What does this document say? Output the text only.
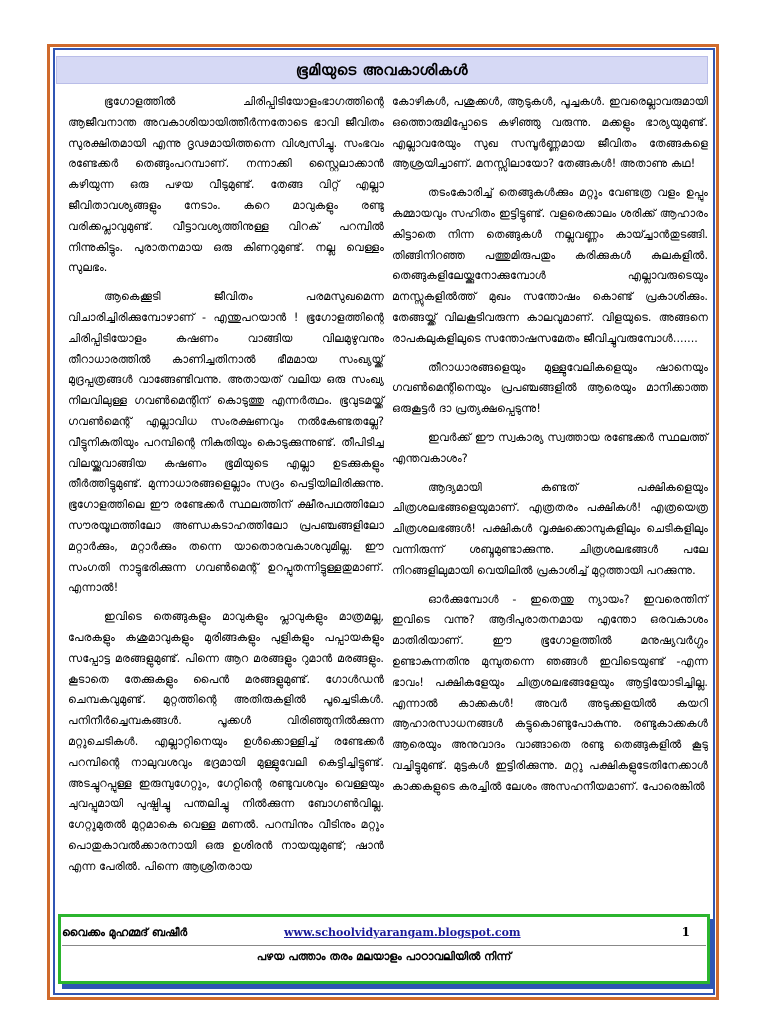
ഭൂമിയുടെ അവകാശികൾ

ഭൂഗോളത്തിൽ ചിരിപ്പിടിയോളംഭാഗത്തിന്റെ ആജീവനാന്ത അവകാശിയായിത്തീർന്നതോടെ ഭാവി ജീവിതം സുരക്ഷിതമായി എന്നു ദൃഢമായിത്തന്നെ വിശ്വസിച്ചു. സംഭവം രണ്ടേക്കർ തെങ്ങുംപറമ്പാണ്. നന്നാക്കി സ്റ്റൈലാക്കാൻ കഴിയുന്ന ഒരു പഴയ വീടുമുണ്ട്. തേങ്ങ വിറ്റ് എല്ലാ ജീവിതാവശ്യങ്ങളും നേടാം. കറെ മാവുകളും രണ്ടു വരിക്കപ്ലാവുമുണ്ട്. വീട്ടാവശ്യത്തിനുള്ള വിറക് പറമ്പിൽ നിന്നുകിട്ടും. പുരാതനമായ ഒരു കിണറുമുണ്ട്. നല്ല വെള്ളം സുലഭം.

ആകെക്കൂടി ജീവിതം പരമസുഖമെന്ന വിചാരിച്ചിരിക്കുമ്പോഴാണ് - എന്തുപറയാൻ ! ഭൂഗോളത്തിന്റെ ചിരിപ്പിടിയോളം കഷണം വാങ്ങിയ വിലമുഴുവനും തീറാധാരത്തിൽ കാണിച്ചതിനാൽ ഭീമമായ സംഖ്യയ്ക്ക് മുദ്രപ്പത്രങ്ങൾ വാങ്ങേണ്ടിവന്നു. അതായത് വലിയ ഒരു സംഖ്യ നിലവിലുള്ള ഗവൺമെന്റിന് കൊടുത്തു എന്നർത്ഥം. ഭൂവുടമയ്ക്ക് ഗവൺമെന്റ് എല്ലാവിധ സംരക്ഷണവും നൽകേണ്ടതല്ലേ? വീട്ടുനികുതിയും പറമ്പിന്റെ നികുതിയും കൊടുക്കുന്നുണ്ട്. തീപിടിച്ച വിലയ്ക്കുവാങ്ങിയ കഷണം ഭൂമിയുടെ എല്ലാ ഉടക്കുകളും തീർത്തിട്ടുമുണ്ട്. മുന്നാധാരങ്ങളെല്ലാം സദ്രം പെട്ടിയിലിരിക്കുന്നു. ഭൂഗോളത്തിലെ ഈ രണ്ടേക്കർ സ്ഥലത്തിന് ക്ഷീരപഥത്തിലോ സൗരയൂഥത്തിലോ അണ്ഡകടാഹത്തിലോ പ്രപഞ്ചങ്ങളിലോ മറ്റാർക്കും, മറ്റാർക്കും തന്നെ യാതൊരവകാശവുമില്ല. ഈ സംഗതി നാട്ടുഭരിക്കുന്ന ഗവൺമെന്റ് ഉറപ്പുതന്നിട്ടുള്ളതുമാണ്. എന്നാൽ!

ഇവിടെ തെങ്ങുകളും മാവുകളും പ്ലാവുകളും മാത്രമല്ല, പേരകളും കശുമാവുകളും മുരിങ്ങകളും പുളികളും പപ്പായകളും സപ്പോട്ട മരങ്ങളുമുണ്ട്. പിന്നെ ആറ മരങ്ങളും റുമാൻ മരങ്ങളും. കൂടാതെ തേക്കുകളും പൈൻ മരങ്ങളുമുണ്ട്. ഗോൾഡൻ ചെമ്പകവുമുണ്ട്. മുറ്റത്തിന്റെ അതിരുകളിൽ പൂച്ചെടികൾ. പനിനീർച്ചെമ്പകങ്ങൾ. പൂക്കൾ വിരിഞ്ഞുനിൽക്കുന്ന മറ്റുചെടികൾ. എല്ലാറ്റിനെയും ഉൾക്കൊള്ളിച്ച് രണ്ടേക്കർ പറമ്പിന്റെ നാലുവശവും ഭദ്രമായി മുള്ളുവേലി കെട്ടിച്ചിട്ടുണ്ട്. അടച്ചുറപ്പുള്ള ഇരുമ്പുഗേറ്റും, ഗേറ്റിന്റെ രണ്ടുവശവും വെള്ളയും ചുവപ്പുമായി പുഷ്പിച്ചു പന്തലിച്ചു നിൽക്കുന്ന ബോഗൺവില്ല. ഗേറ്റുമുതൽ മുറ്റമാകെ വെള്ള മണൽ. പറമ്പിനും വീടിനും മറ്റും പൊതുകാവൽക്കാരനായി ഒരു ഉശിരൻ നായയുമുണ്ട്; ഷാൻ എന്ന പേരിൽ. പിന്നെ ആശ്രിതരായ

കോഴികൾ, പശുക്കൾ, ആടുകൾ, പൂച്ചകൾ. ഇവരെല്ലാവരുമായി ഒത്തൊരുമിപ്പോടെ കഴിഞ്ഞു വരുന്നു. മക്കളും ഭാര്യയുമുണ്ട്. എല്ലാവരേയും സുഖ സമ്പൂർണ്ണമായ ജീവിതം തേങ്ങകളെ ആശ്രയിച്ചാണ്. മനസ്സിലായോ? തേങ്ങകൾ! അതാണു കഥ!

തടംകോരിച്ച് തെങ്ങുകൾക്കും മറ്റും വേണ്ടത്ര വളം ഉപ്പും കമ്മായവും സഹിതം ഇട്ടിട്ടുണ്ട്. വളരെക്കാലം ശരിക്ക് ആഹാരം കിട്ടാതെ നിന്ന തെങ്ങുകൾ നല്ലവണ്ണം കായ്ച്ചാൻതുടങ്ങി. തിങ്ങിനിറഞ്ഞ പത്തുമിരുപതും കരിക്കുകൾ കുലകളിൽ. തെങ്ങുകളിലേയ്ക്കുനോക്കുമ്പോൾ എല്ലാവരുടെയും മനസ്സുകളിൽത്ത് മുഖം സന്തോഷം കൊണ്ട് പ്രകാശിക്കും. തേങ്ങയ്ക്ക് വിലകൂടിവരുന്ന കാലവുമാണ്. വിളയുടെ. അങ്ങനെ രാപകലുകളിലുടെ സന്തോഷസമേതം ജീവിച്ചുവരുമ്പോൾ.......

തീറാധാരങ്ങളെയും മുള്ളുവേലികളെയും ഷാനെയും ഗവൺമെന്റിനെയും പ്രപഞ്ചങ്ങളിൽ ആരെയും മാനിക്കാത്ത ഒരുകൂട്ടർ ദാ പ്രത്യക്ഷപ്പെടുന്നു!

ഇവർക്ക് ഈ സ്വകാര്യ സ്വത്തായ രണ്ടേക്കർ സ്ഥലത്ത് എന്തവകാശം?

ആദ്യമായി കണ്ടത് പക്ഷികളെയും ചിത്രശലഭങ്ങളെയുമാണ്. എത്രതരം പക്ഷികൾ! എത്രയെത്ര ചിത്രശലഭങ്ങൾ! പക്ഷികൾ വൃക്ഷക്കൊമ്പുകളിലും ചെടികളിലും വന്നിരുന്ന് ശബ്ദമുണ്ടാക്കുന്നു. ചിത്രശലഭങ്ങൾ പലേ നിറങ്ങളിലുമായി വെയിലിൽ പ്രകാശിച്ച് മുറ്റത്തായി പറക്കുന്നു.

ഓർക്കുമ്പോൾ - ഇതെന്തു ന്യായം? ഇവരെന്തിന് ഇവിടെ വന്നു? ആദിപുരാതനമായ എന്തോ ഒരവകാശം മാതിരിയാണ്. ഈ ഭൂഗോളത്തിൽ മനുഷ്യവർഗ്ഗം ഉണ്ടാകുന്നതിനു മുമ്പുതന്നെ ഞങ്ങൾ ഇവിടെയുണ്ട് -എന്ന ഭാവം! പക്ഷികളേയും ചിത്രശലഭങ്ങളേയും ആട്ടിയോടിച്ചില്ല. എന്നാൽ കാക്കകൾ! അവർ അടുക്കളയിൽ കയറി ആഹാരസാധനങ്ങൾ കട്ടുകൊണ്ടുപോകുന്നു. രണ്ടുകാക്കകൾ ആരെയും അനുവാദം വാങ്ങാതെ രണ്ടു തെങ്ങുകളിൽ കൂടു വച്ചിട്ടുമുണ്ട്. മുട്ടകൾ ഇട്ടിരിക്കുന്നു. മറ്റു പക്ഷികളുടേതിനേക്കാൾ കാക്കകളുടെ കരച്ചിൽ ലേശം അസഹനീയമാണ്. പോരെങ്കിൽ

വൈക്കം മുഹമ്മദ് ബഷീർ	www.schoolvidyarangam.blogspot.com	1
പഴയ പത്താം തരം മലയാളം പാഠാവലിയിൽ നിന്ന്
